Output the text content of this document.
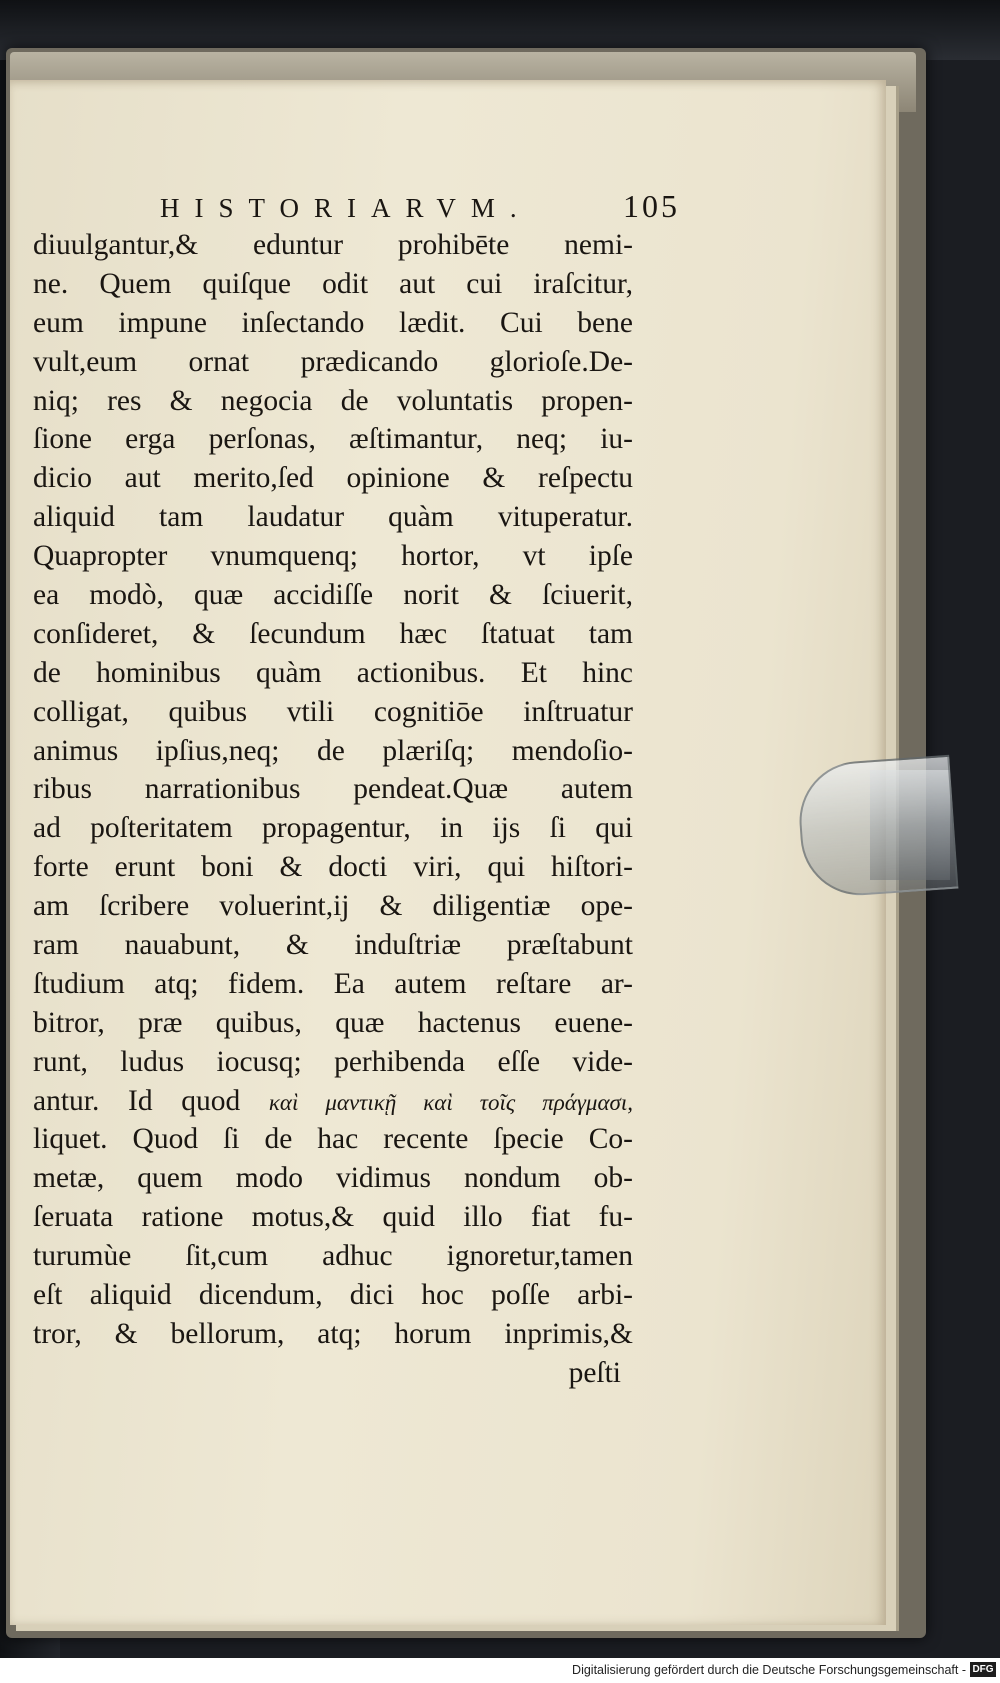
HISTORIARVM.	105
diuulgantur,& eduntur prohibēte nemi-
ne. Quem quiſque odit aut cui iraſcitur,
eum impune inſectando lædit. Cui bene
vult,eum ornat prædicando glorioſe.De-
niq; res & negocia de voluntatis propen-
ſione erga perſonas, æſtimantur, neq; iu-
dicio aut merito,ſed opinione & reſpectu
aliquid tam laudatur quàm vituperatur.
Quapropter vnumquenq; hortor, vt ipſe
ea modò, quæ accidiſſe norit & ſciuerit,
conſideret, & ſecundum hæc ſtatuat tam
de hominibus quàm actionibus. Et hinc
colligat, quibus vtili cognitiōe inſtruatur
animus ipſius,neq; de plæriſq; mendoſio-
ribus narrationibus pendeat.Quæ autem
ad poſteritatem propagentur, in ijs ſi qui
forte erunt boni & docti viri, qui hiſtori-
am ſcribere voluerint,ij & diligentiæ ope-
ram nauabunt, & induſtriæ præſtabunt
ſtudium atq; fidem. Ea autem reſtare ar-
bitror, præ quibus, quæ hactenus euene-
runt, ludus iocusq; perhibenda eſſe vide-
antur. Id quod καὶ μαντικῇ καὶ τοῖς πράγμασι,
liquet. Quod ſi de hac recente ſpecie Co-
metæ, quem modo vidimus nondum ob-
ſeruata ratione motus,& quid illo fiat fu-
turumùe ſit,cum adhuc ignoretur,tamen
eſt aliquid dicendum, dici hoc poſſe arbi-
tror, & bellorum, atq; horum inprimis,&
peſti
Digitalisierung gefördert durch die Deutsche Forschungsgemeinschaft - DFG
